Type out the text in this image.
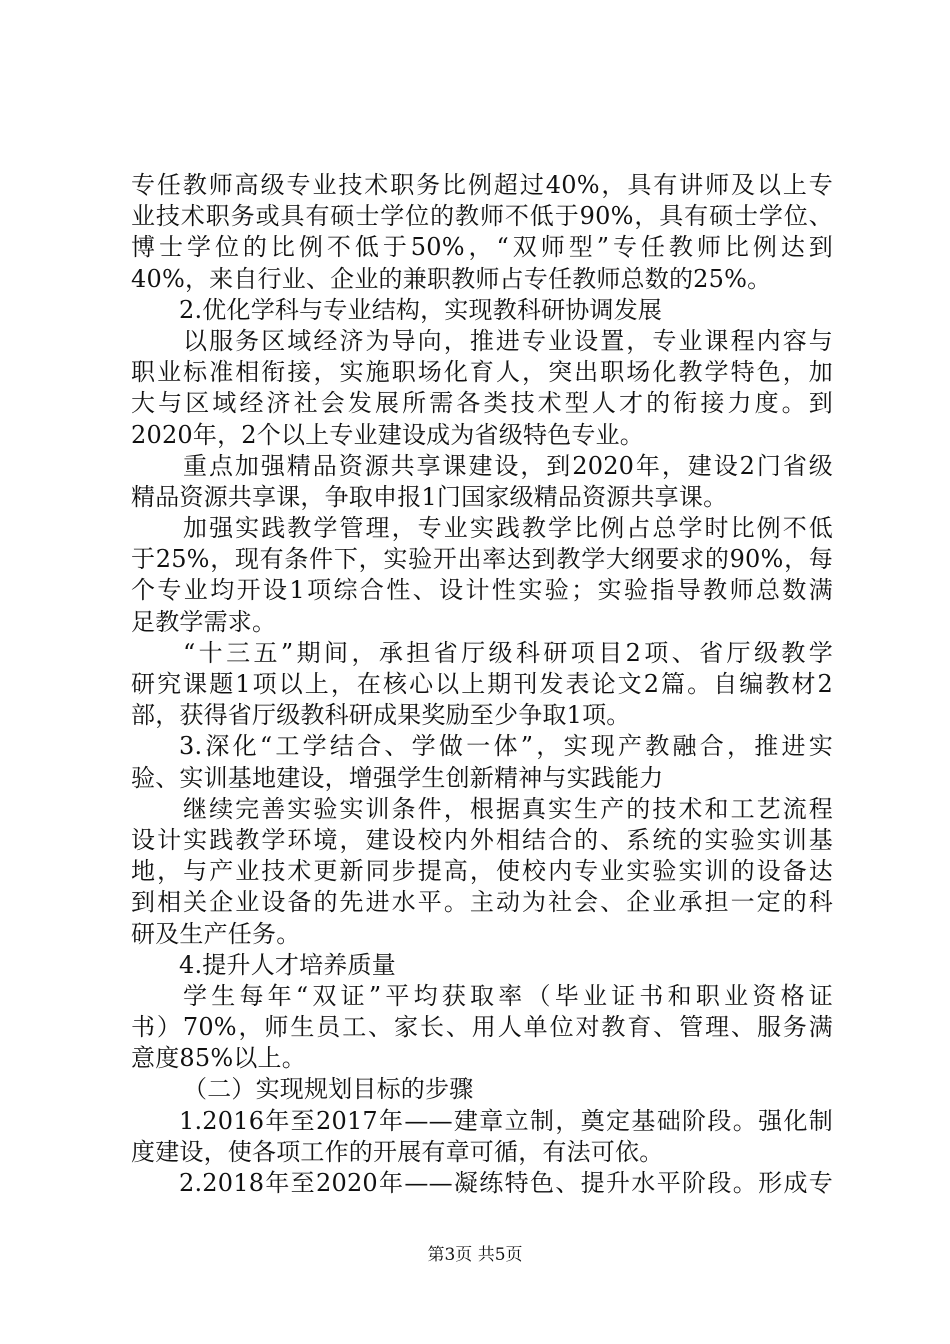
专任教师高级专业技术职务比例超过40%，具有讲师及以上专
业技术职务或具有硕士学位的教师不低于90%，具有硕士学位、
博士学位的比例不低于50%，“双师型”专任教师比例达到
40%，来自行业、企业的兼职教师占专任教师总数的25%。
2.优化学科与专业结构，实现教科研协调发展
以服务区域经济为导向，推进专业设置，专业课程内容与
职业标准相衔接，实施职场化育人，突出职场化教学特色，加
大与区域经济社会发展所需各类技术型人才的衔接力度。到
2020年，2个以上专业建设成为省级特色专业。
重点加强精品资源共享课建设，到2020年，建设2门省级
精品资源共享课，争取申报1门国家级精品资源共享课。
加强实践教学管理，专业实践教学比例占总学时比例不低
于25%，现有条件下，实验开出率达到教学大纲要求的90%，每
个专业均开设1项综合性、设计性实验；实验指导教师总数满
足教学需求。
“十三五”期间，承担省厅级科研项目2项、省厅级教学
研究课题1项以上，在核心以上期刊发表论文2篇。自编教材2
部，获得省厅级教科研成果奖励至少争取1项。
3.深化“工学结合、学做一体”，实现产教融合，推进实
验、实训基地建设，增强学生创新精神与实践能力
继续完善实验实训条件，根据真实生产的技术和工艺流程
设计实践教学环境，建设校内外相结合的、系统的实验实训基
地，与产业技术更新同步提高，使校内专业实验实训的设备达
到相关企业设备的先进水平。主动为社会、企业承担一定的科
研及生产任务。
4.提升人才培养质量
学生每年“双证”平均获取率（毕业证书和职业资格证
书）70%，师生员工、家长、用人单位对教育、管理、服务满
意度85%以上。
（二）实现规划目标的步骤
1.2016年至2017年——建章立制，奠定基础阶段。强化制
度建设，使各项工作的开展有章可循，有法可依。
2.2018年至2020年——凝练特色、提升水平阶段。形成专
第3页 共5页
